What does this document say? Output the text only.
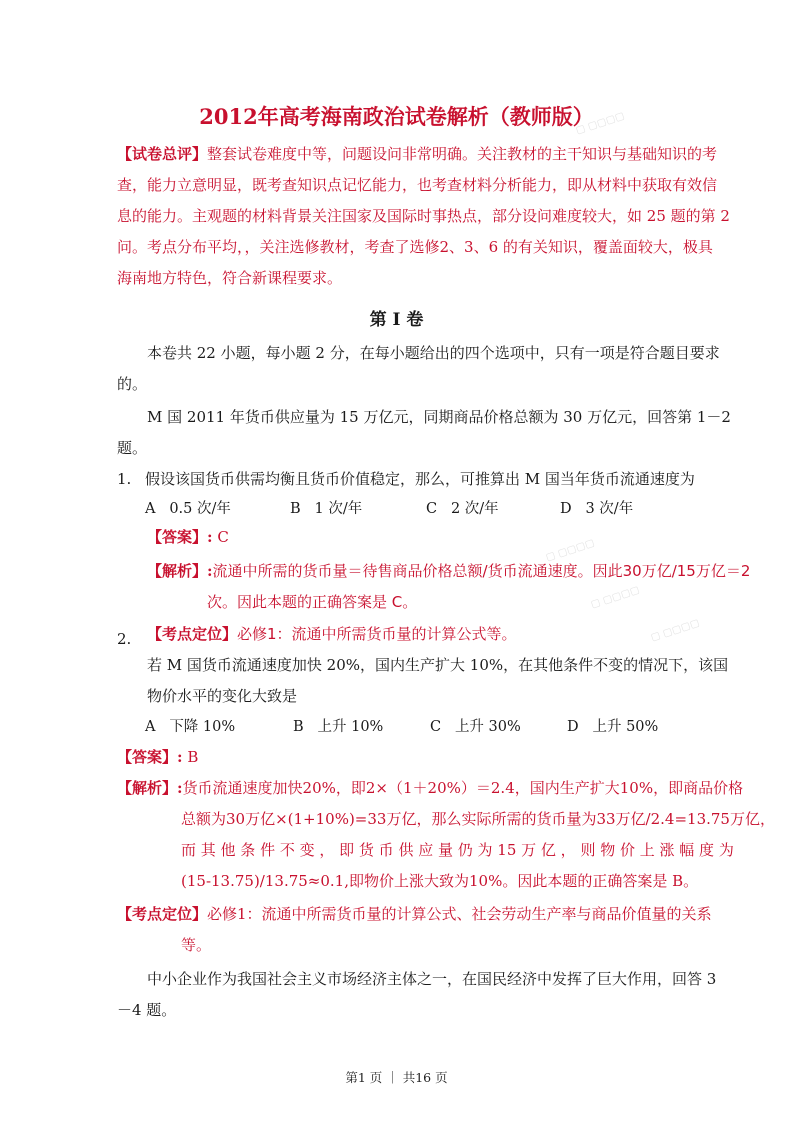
▢ ▢▢▢▢
▢ ▢▢▢▢
▢ ▢▢▢▢
▢ ▢▢▢▢
2012年高考海南政治试卷解析（教师版）
【试卷总评】整套试卷难度中等，问题设问非常明确。关注教材的主干知识与基础知识的考
查，能力立意明显，既考查知识点记忆能力，也考查材料分析能力，即从材料中获取有效信
息的能力。主观题的材料背景关注国家及国际时事热点，部分设问难度较大，如 25 题的第 2
问。考点分布平均，，关注选修教材，考查了选修2、3、6 的有关知识，覆盖面较大，极具
海南地方特色，符合新课程要求。
第 I 卷
本卷共 22 小题，每小题 2 分，在每小题给出的四个选项中，只有一项是符合题目要求
的。
M 国 2011 年货币供应量为 15 万亿元，同期商品价格总额为 30 万亿元，回答第 1－2
题。
1. 假设该国货币供需均衡且货币价值稳定，那么，可推算出 M 国当年货币流通速度为
A 0.5 次/年	B 1 次/年	C 2 次/年	D 3 次/年
【答案】: C
【解析】:流通中所需的货币量＝待售商品价格总额/货币流通速度。因此30万亿/15万亿＝2
次。因此本题的正确答案是 C。
2. 【考点定位】必修1：流通中所需货币量的计算公式等。
若 M 国货币流通速度加快 20%，国内生产扩大 10%，在其他条件不变的情况下，该国
物价水平的变化大致是
A 下降 10%	B 上升 10%	C 上升 30%	D 上升 50%
【答案】: B
【解析】:货币流通速度加快20%，即2×（1＋20%）＝2.4，国内生产扩大10%，即商品价格
总额为30万亿×(1+10%)=33万亿，那么实际所需的货币量为33万亿/2.4=13.75万亿，
而 其 他 条 件 不 变 ， 即 货 币 供 应 量 仍 为 15 万 亿 ， 则 物 价 上 涨 幅 度 为
(15-13.75)/13.75≈0.1,即物价上涨大致为10%。因此本题的正确答案是 B。
【考点定位】必修1：流通中所需货币量的计算公式、社会劳动生产率与商品价值量的关系
等。
中小企业作为我国社会主义市场经济主体之一，在国民经济中发挥了巨大作用，回答 3
－4 题。
第1 页 ｜ 共16 页
